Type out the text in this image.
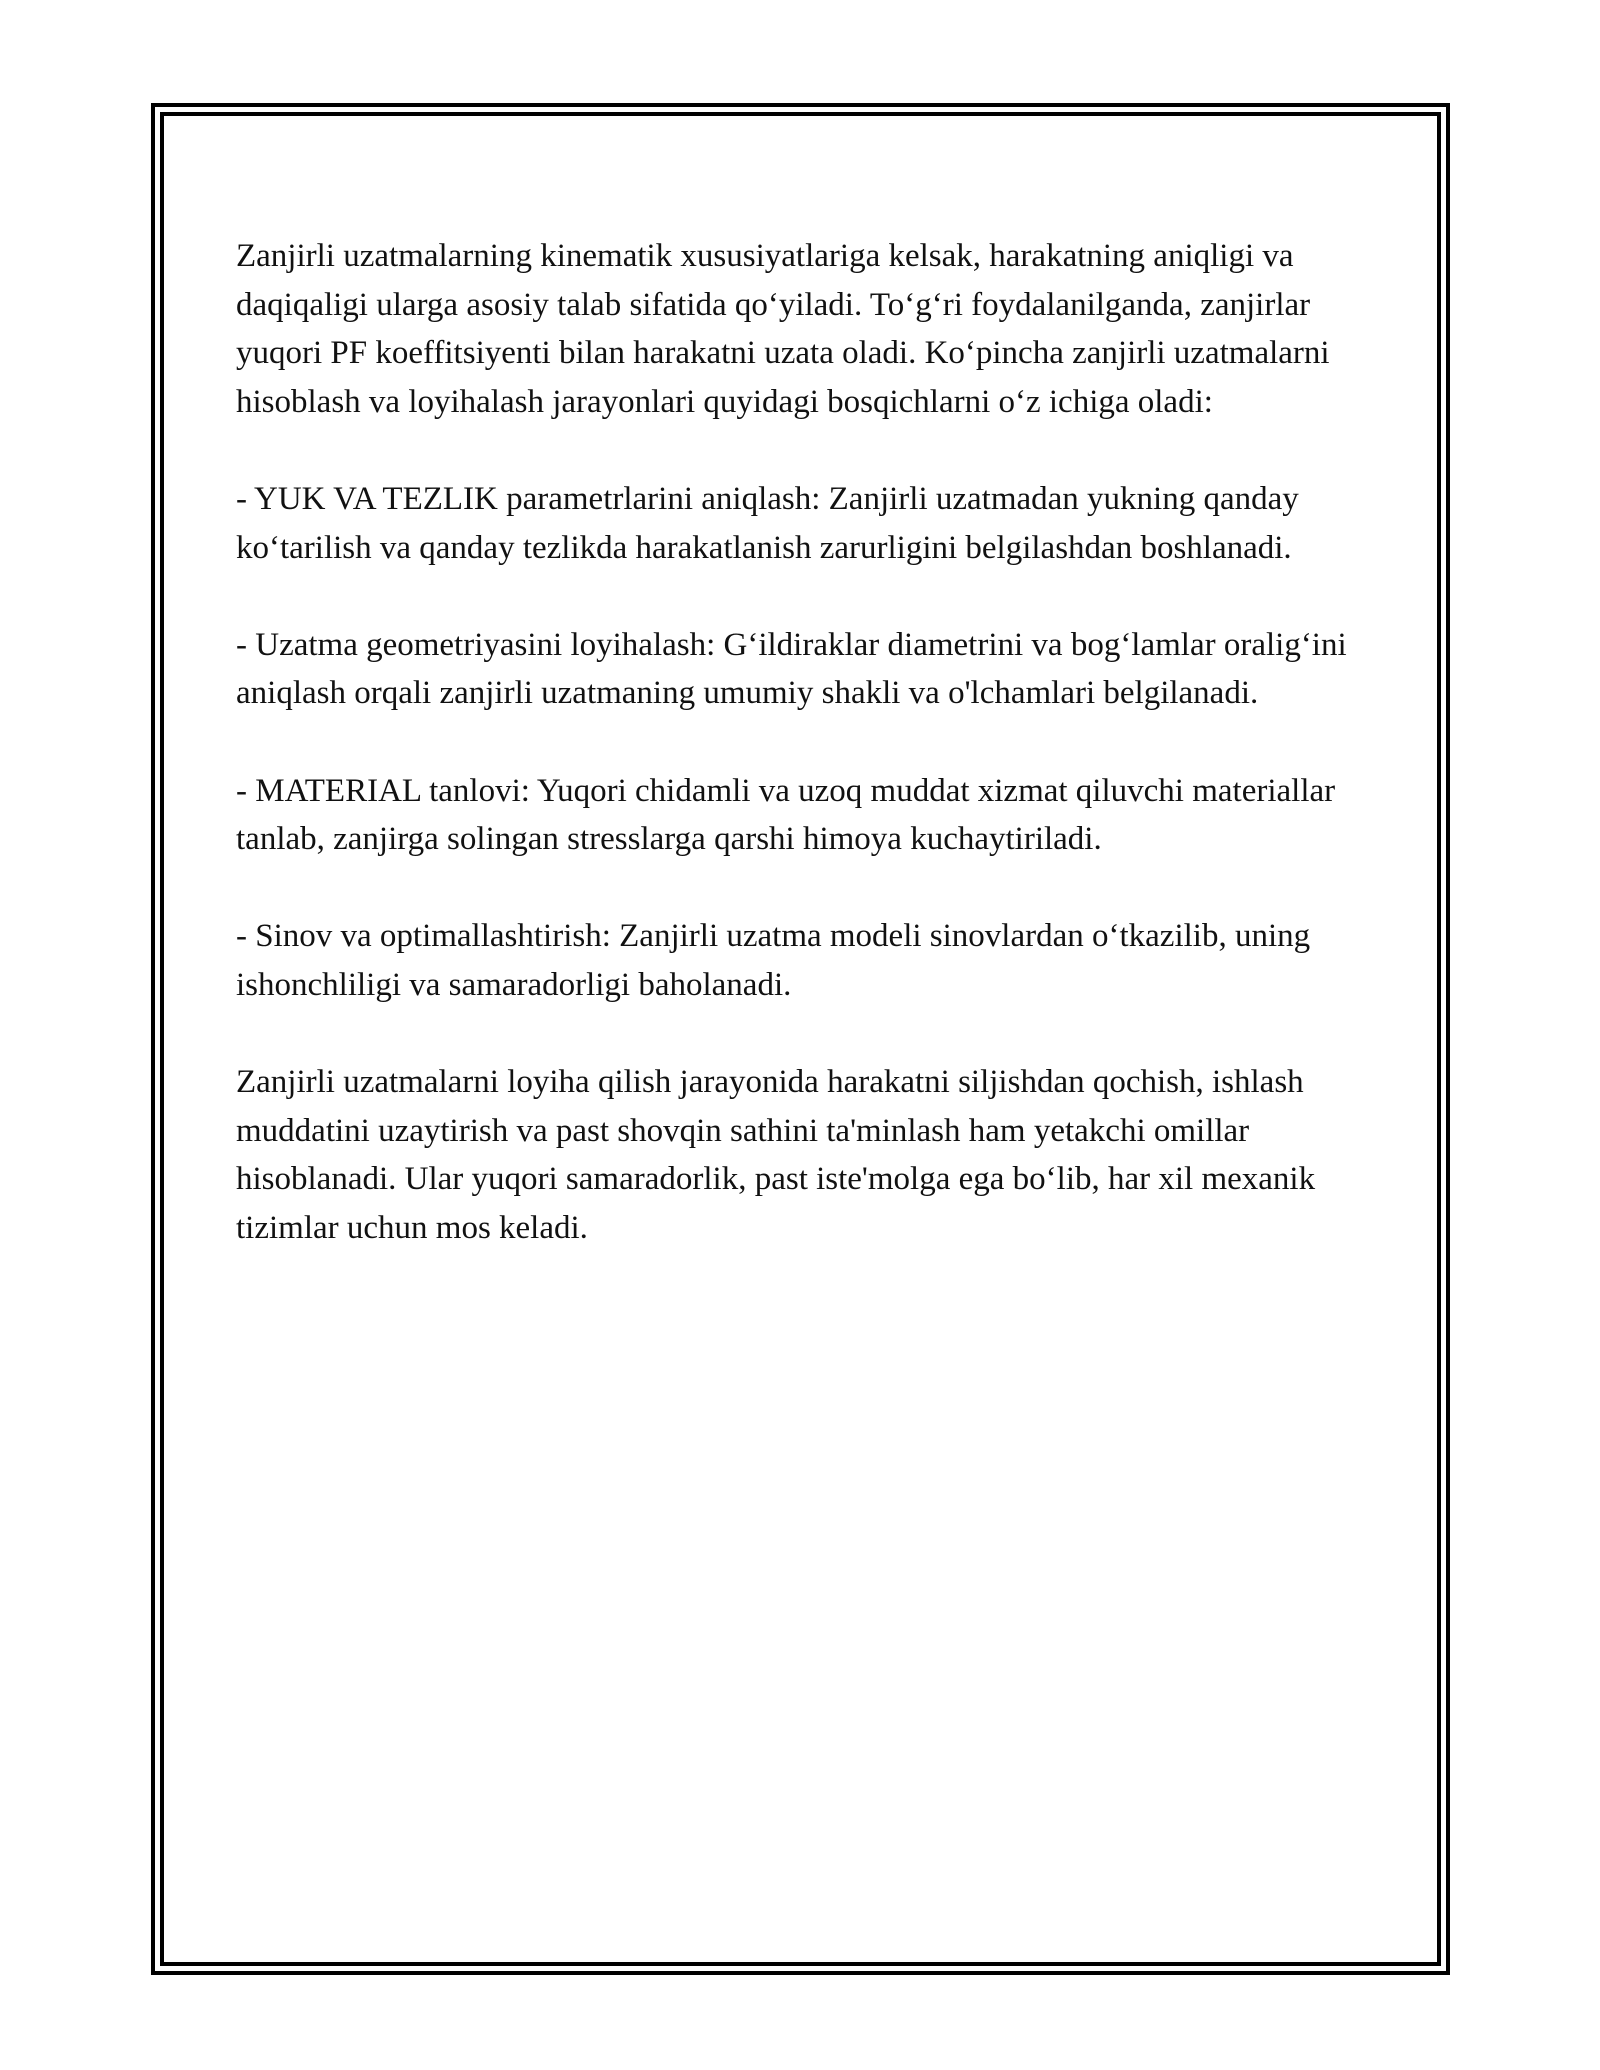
Zanjirli uzatmalarning kinematik xususiyatlariga kelsak, harakatning aniqligi va daqiqaligi ularga asosiy talab sifatida qo‘yiladi. To‘g‘ri foydalanilganda, zanjirlar yuqori PF koeffitsiyenti bilan harakatni uzata oladi. Ko‘pincha zanjirli uzatmalarni hisoblash va loyihalash jarayonlari quyidagi bosqichlarni o‘z ichiga oladi:

- YUK VA TEZLIK parametrlarini aniqlash: Zanjirli uzatmadan yukning qanday ko‘tarilish va qanday tezlikda harakatlanish zarurligini belgilashdan boshlanadi.

- Uzatma geometriyasini loyihalash: G‘ildiraklar diametrini va bog‘lamlar oralig‘ini aniqlash orqali zanjirli uzatmaning umumiy shakli va o'lchamlari belgilanadi.

- MATERIAL tanlovi: Yuqori chidamli va uzoq muddat xizmat qiluvchi materiallar tanlab, zanjirga solingan stresslarga qarshi himoya kuchaytiriladi.

- Sinov va optimallashtirish: Zanjirli uzatma modeli sinovlardan o‘tkazilib, uning ishonchliligi va samaradorligi baholanadi.

Zanjirli uzatmalarni loyiha qilish jarayonida harakatni siljishdan qochish, ishlash muddatini uzaytirish va past shovqin sathini ta'minlash ham yetakchi omillar hisoblanadi. Ular yuqori samaradorlik, past iste'molga ega bo‘lib, har xil mexanik tizimlar uchun mos keladi.
